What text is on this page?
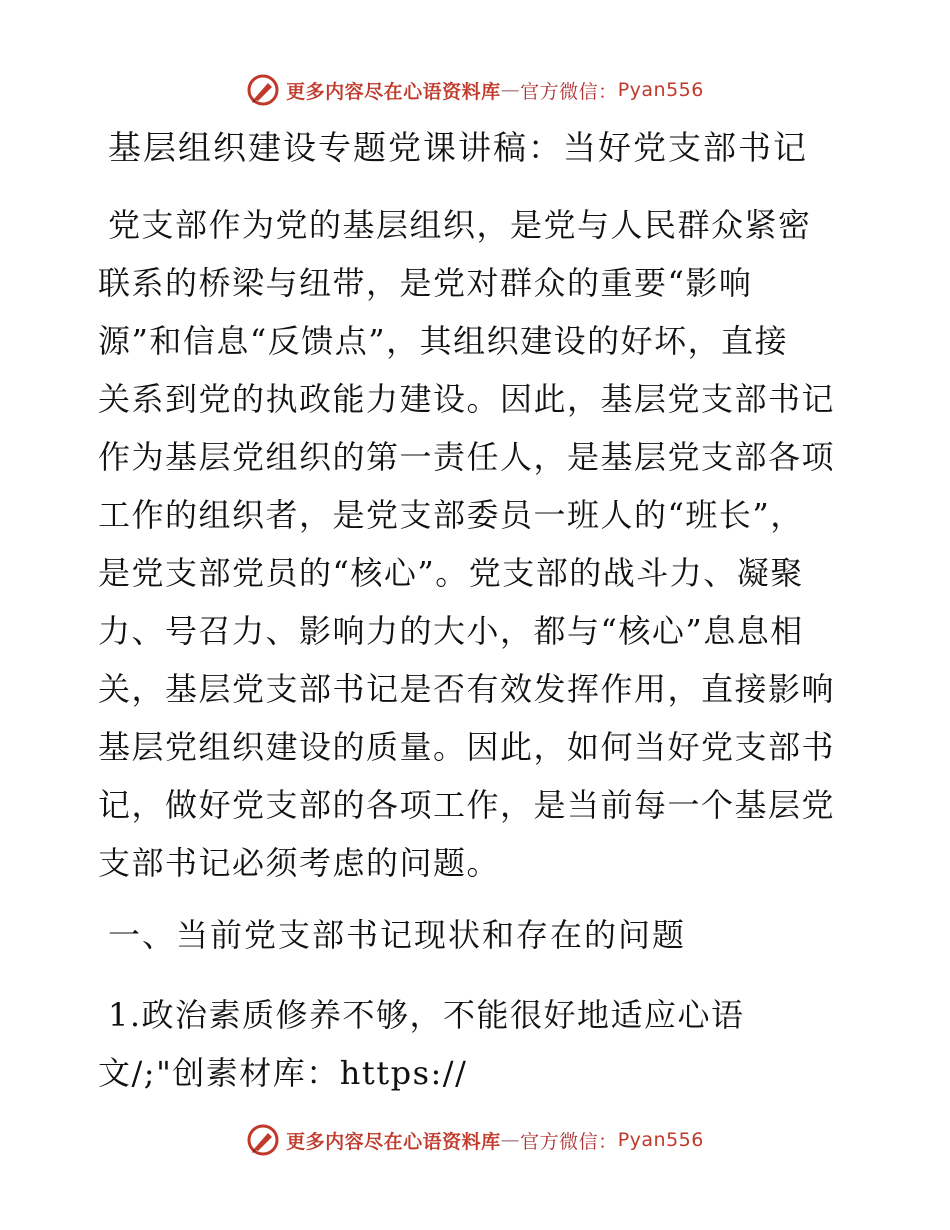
更多内容尽在心语资料库 — 官方微信： Pyan556
基层组织建设专题党课讲稿：当好党支部书记
党支部作为党的基层组织，是党与人民群众紧密
联系的桥梁与纽带，是党对群众的重要“影响
源”和信息“反馈点”，其组织建设的好坏，直接
关系到党的执政能力建设。因此，基层党支部书记
作为基层党组织的第一责任人，是基层党支部各项
工作的组织者，是党支部委员一班人的“班长”，
是党支部党员的“核心”。党支部的战斗力、凝聚
力、号召力、影响力的大小，都与“核心”息息相
关，基层党支部书记是否有效发挥作用，直接影响
基层党组织建设的质量。因此，如何当好党支部书
记，做好党支部的各项工作，是当前每一个基层党
支部书记必须考虑的问题。
一、当前党支部书记现状和存在的问题
1.政治素质修养不够，不能很好地适应心语
文/;"创素材库：https://
更多内容尽在心语资料库 — 官方微信： Pyan556
